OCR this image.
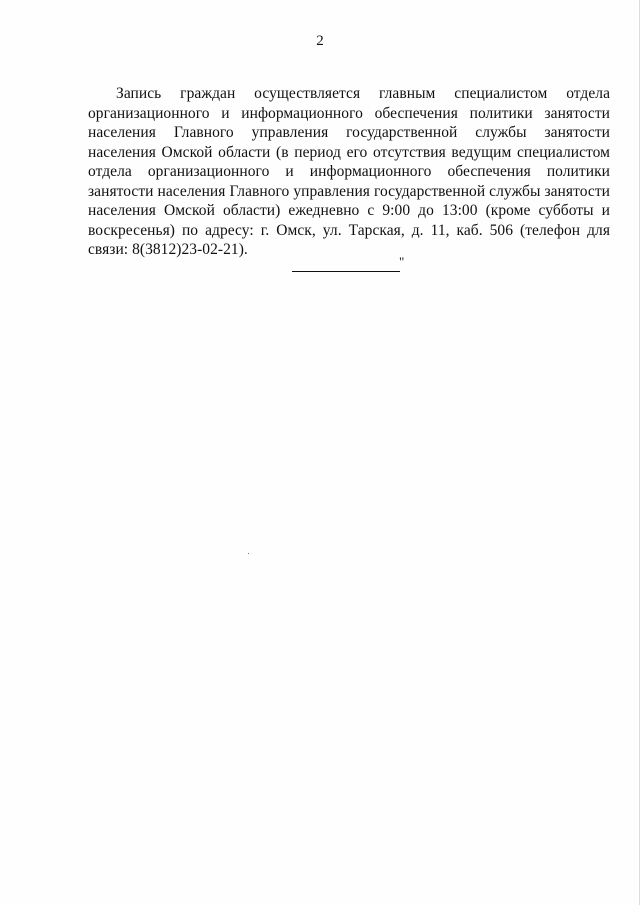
2

Запись граждан осуществляется главным специалистом отдела организационного и информационного обеспечения политики занятости населения Главного управления государственной службы занятости населения Омской области (в период его отсутствия ведущим специалистом отдела организационного и информационного обеспечения политики занятости населения Главного управления государственной службы занятости населения Омской области) ежедневно с 9:00 до 13:00 (кроме субботы и воскресенья) по адресу: г. Омск, ул. Тарская, д. 11, каб. 506 (телефон для связи: 8(3812)23-02-21).

"
